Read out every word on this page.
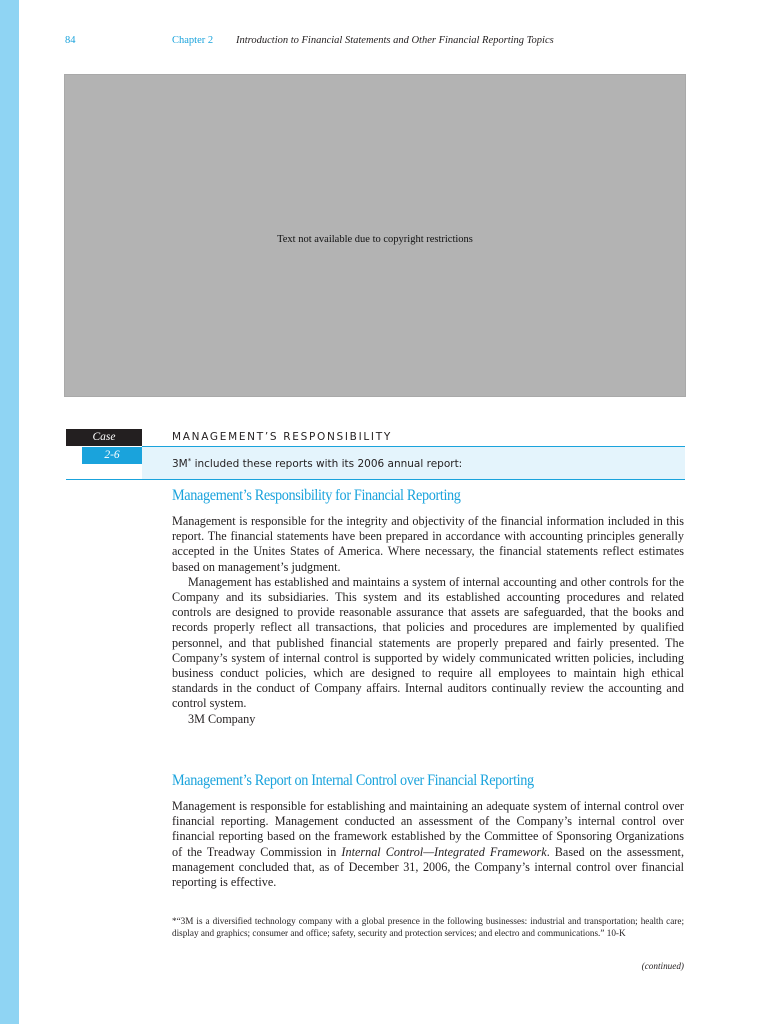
84	Chapter 2 Introduction to Financial Statements and Other Financial Reporting Topics
Text not available due to copyright restrictions
Case
2-6
MANAGEMENT’S RESPONSIBILITY
3M* included these reports with its 2006 annual report:
Management’s Responsibility for Financial Reporting

Management is responsible for the integrity and objectivity of the financial information included in this report. The financial statements have been prepared in accordance with accounting principles generally accepted in the Unites States of America. Where necessary, the financial statements reflect estimates based on management’s judgment.

Management has established and maintains a system of internal accounting and other controls for the Company and its subsidiaries. This system and its established accounting procedures and related controls are designed to provide reasonable assurance that assets are safeguarded, that the books and records properly reflect all transactions, that policies and procedures are implemented by qualified personnel, and that published financial statements are properly prepared and fairly presented. The Company’s system of internal control is supported by widely communicated written policies, including business conduct policies, which are designed to require all employees to maintain high ethical standards in the conduct of Company affairs. Internal auditors continually review the accounting and control system.

3M Company

Management’s Report on Internal Control over Financial Reporting

Management is responsible for establishing and maintaining an adequate system of internal control over financial reporting. Management conducted an assessment of the Company’s internal control over financial reporting based on the framework established by the Committee of Sponsoring Organizations of the Treadway Commission in Internal Control—Integrated Framework. Based on the assessment, management concluded that, as of December 31, 2006, the Company’s internal control over financial reporting is effective.

*“3M is a diversified technology company with a global presence in the following businesses: industrial and transportation; health care; display and graphics; consumer and office; safety, security and protection services; and electro and communications.” 10-K
(continued)
